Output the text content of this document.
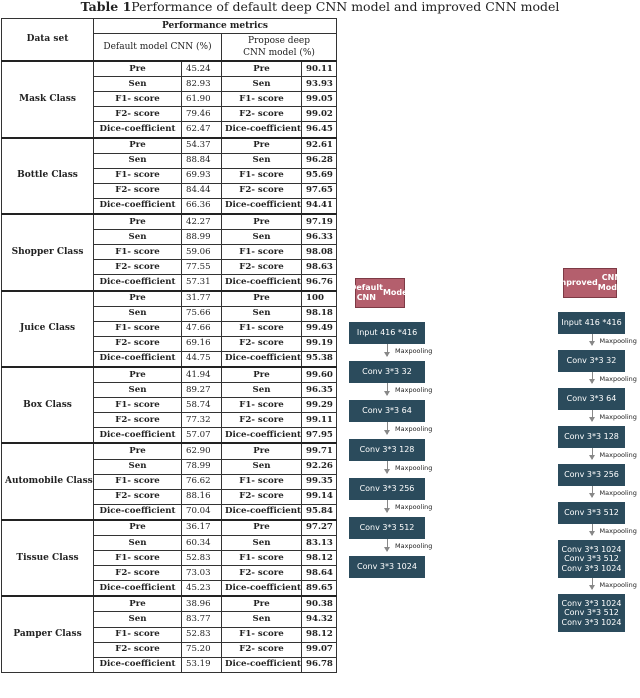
Table 1Performance of default deep CNN model and improved CNN model
Data set	Performance metrics			
	Default model CNN (%)		Propose deep
CNN model (%)	
Mask Class	Pre	45.24	Pre	90.11
	Sen	82.93	Sen	93.93
	F1- score	61.90	F1- score	99.05
	F2- score	79.46	F2- score	99.02
	Dice-coefficient	62.47	Dice-coefficient	96.45
Bottle Class	Pre	54.37	Pre	92.61
	Sen	88.84	Sen	96.28
	F1- score	69.93	F1- score	95.69
	F2- score	84.44	F2- score	97.65
	Dice-coefficient	66.36	Dice-coefficient	94.41
Shopper Class	Pre	42.27	Pre	97.19
	Sen	88.99	Sen	96.33
	F1- score	59.06	F1- score	98.08
	F2- score	77.55	F2- score	98.63
	Dice-coefficient	57.31	Dice-coefficient	96.76
Juice Class	Pre	31.77	Pre	100
	Sen	75.66	Sen	98.18
	F1- score	47.66	F1- score	99.49
	F2- score	69.16	F2- score	99.19
	Dice-coefficient	44.75	Dice-coefficient	95.38
Box Class	Pre	41.94	Pre	99.60
	Sen	89.27	Sen	96.35
	F1- score	58.74	F1- score	99.29
	F2- score	77.32	F2- score	99.11
	Dice-coefficient	57.07	Dice-coefficient	97.95
Automobile Class	Pre	62.90	Pre	99.71
	Sen	78.99	Sen	92.26
	F1- score	76.62	F1- score	99.35
	F2- score	88.16	F2- score	99.14
	Dice-coefficient	70.04	Dice-coefficient	95.84
Tissue Class	Pre	36.17	Pre	97.27
	Sen	60.34	Sen	83.13
	F1- score	52.83	F1- score	98.12
	F2- score	73.03	F2- score	98.64
	Dice-coefficient	45.23	Dice-coefficient	89.65
Pamper Class	Pre	38.96	Pre	90.38
	Sen	83.77	Sen	94.32
	F1- score	52.83	F1- score	98.12
	F2- score	75.20	F2- score	99.07
	Dice-coefficient	53.19	Dice-coefficient	96.78
Default CNN

Model
Input 416 *416
Maxpooling
Conv 3*3 32
Maxpooling
Conv 3*3 64
Maxpooling
Conv 3*3 128
Maxpooling
Conv 3*3 256
Maxpooling
Conv 3*3 512
Maxpooling
Conv 3*3 1024
Improved

CNN Model
Input 416 *416
Maxpooling
Conv 3*3 32
Maxpooling
Conv 3*3 64
Maxpooling
Conv 3*3 128
Maxpooling
Conv 3*3 256
Maxpooling
Conv 3*3 512
Maxpooling
Conv 3*3 1024
Conv 3*3 512
Conv 3*3 1024
Maxpooling
Conv 3*3 1024
Conv 3*3 512
Conv 3*3 1024
